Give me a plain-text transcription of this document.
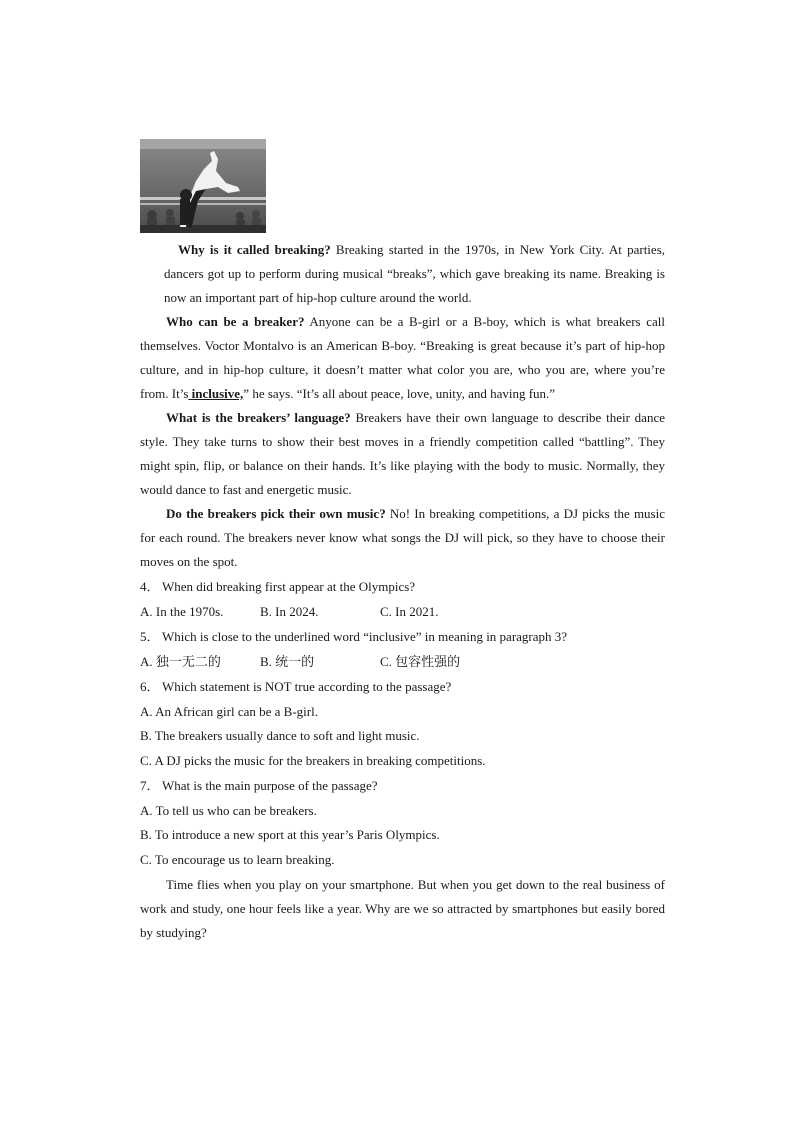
Why is it called breaking? Breaking started in the 1970s, in New York City. At parties, dancers got up to perform during musical “breaks”, which gave breaking its name. Breaking is now an important part of hip-hop culture around the world.

Who can be a breaker? Anyone can be a B-girl or a B-boy, which is what breakers call themselves. Voctor Montalvo is an American B-boy. “Breaking is great because it’s part of hip-hop culture, and in hip-hop culture, it doesn’t matter what color you are, who you are, where you’re from. It’s inclusive,” he says. “It’s all about peace, love, unity, and having fun.”

What is the breakers’ language? Breakers have their own language to describe their dance style. They take turns to show their best moves in a friendly competition called “battling”. They might spin, flip, or balance on their hands. It’s like playing with the body to music. Normally, they would dance to fast and energetic music.

Do the breakers pick their own music? No! In breaking competitions, a DJ picks the music for each round. The breakers never know what songs the DJ will pick, so they have to choose their moves on the spot.

4． When did breaking first appear at the Olympics?

A. In the 1970s.	B. In 2024.	C. In 2021.

5． Which is close to the underlined word “inclusive” in meaning in paragraph 3?

A. 独一无二的	B. 统一的	C. 包容性强的

6． Which statement is NOT true according to the passage?

A. An African girl can be a B-girl.

B. The breakers usually dance to soft and light music.

C. A DJ picks the music for the breakers in breaking competitions.

7． What is the main purpose of the passage?

A. To tell us who can be breakers.

B. To introduce a new sport at this year’s Paris Olympics.

C. To encourage us to learn breaking.

Time flies when you play on your smartphone. But when you get down to the real business of work and study, one hour feels like a year. Why are we so attracted by smartphones but easily bored by studying?
